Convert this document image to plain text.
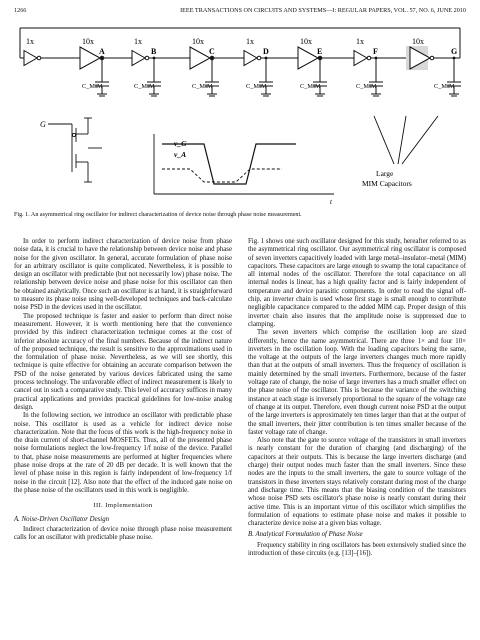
1266	IEEE TRANSACTIONS ON CIRCUITS AND SYSTEMS—I: REGULAR PAPERS, VOL. 57, NO. 6, JUNE 2010
1x	10x	1x	10x	1x	10x	1x	10x
A
C_MIM
B
C_MIM
C
C_MIM
D
C_MIM
E
C_MIM
F
C_MIM
G
C_MIM
G
v_G
v_A
t
Large
MIM Capacitors
Fig. 1. An asymmetrical ring oscillator for indirect characterization of device noise through phase noise measurement.

In order to perform indirect characterization of device noise from phase noise data, it is crucial to have the relationship between device noise and phase noise for the given oscillator. In general, accurate formulation of phase noise for an arbitrary oscillator is quite complicated. Nevertheless, it is possible to design an oscillator with predictable (but not necessarily low) phase noise. The relationship between device noise and phase noise for this oscillator can then be obtained analytically. Once such an oscillator is at hand, it is straightforward to measure its phase noise using well-developed techniques and back-calculate noise PSD in the devices used in the oscillator.

The proposed technique is faster and easier to perform than direct noise measurement. However, it is worth mentioning here that the convenience provided by this indirect characterization technique comes at the cost of inferior absolute accuracy of the final numbers. Because of the indirect nature of the proposed technique, the result is sensitive to the approximations used in the formulation of phase noise. Nevertheless, as we will see shortly, this technique is quite effective for obtaining an accurate comparison between the PSD of the noise generated by various devices fabricated using the same process technology. The unfavorable effect of indirect measurement is likely to cancel out in such a comparative study. This level of accuracy suffices in many practical applications and provides practical guidelines for low-noise analog design.

In the following section, we introduce an oscillator with predictable phase noise. This oscillator is used as a vehicle for indirect device noise characterization. Note that the focus of this work is the high-frequency noise in the drain current of short-channel MOSFETs. Thus, all of the presented phase noise formulations neglect the low-frequency 1/f noise of the device. Parallel to that, phase noise measurements are performed at higher frequencies where phase noise drops at the rate of 20 dB per decade. It is well known that the level of phase noise in this region is fairly independent of low-frequency 1/f noise in the circuit [12]. Also note that the effect of the induced gate noise on the phase noise of the oscillators used in this work is negligible.

III. Implementation
A. Noise-Driven Oscillator Design

Indirect characterization of device noise through phase noise measurement calls for an oscillator with predictable phase noise.

Fig. 1 shows one such oscillator designed for this study, hereafter referred to as the asymmetrical ring oscillator. Our asymmetrical ring oscillator is composed of seven inverters capacitively loaded with large metal–insulator–metal (MIM) capacitors. These capacitors are large enough to swamp the total capacitance of all internal nodes of the oscillator. Therefore the total capacitance on all internal nodes is linear, has a high quality factor and is fairly independent of temperature and device parasitic components. In order to read the signal off-chip, an inverter chain is used whose first stage is small enough to contribute negligible capacitance compared to the added MIM cap. Proper design of this inverter chain also insures that the amplitude noise is suppressed due to clamping.

The seven inverters which comprise the oscillation loop are sized differently, hence the name asymmetrical. There are three 1× and four 10× inverters in the oscillation loop. With the loading capacitors being the same, the voltage at the outputs of the large inverters changes much more rapidly than that at the outputs of small inverters. Thus the frequency of oscillation is mainly determined by the small inverters. Furthermore, because of the faster voltage rate of change, the noise of large inverters has a much smaller effect on the phase noise of the oscillator. This is because the variance of the switching instance at each stage is inversely proportional to the square of the voltage rate of change at its output. Therefore, even though current noise PSD at the output of the large inverters is approximately ten times larger than that at the output of the small inverters, their jitter contribution is ten times smaller because of the faster voltage rate of change.

Also note that the gate to source voltage of the transistors in small inverters is nearly constant for the duration of charging (and discharging) of the capacitors at their outputs. This is because the large inverters discharge (and charge) their output nodes much faster than the small inverters. Since these nodes are the inputs to the small inverters, the gate to source voltage of the transistors in these inverters stays relatively constant during most of the charge and discharge time. This means that the biasing condition of the transistors whose noise PSD sets oscillator's phase noise is nearly constant during their active time. This is an important virtue of this oscillator which simplifies the formulation of equations to estimate phase noise and makes it possible to characterize device noise at a given bias voltage.

B. Analytical Formulation of Phase Noise

Frequency stability in ring oscillators has been extensively studied since the introduction of these circuits (e.g. [13]–[16]).
